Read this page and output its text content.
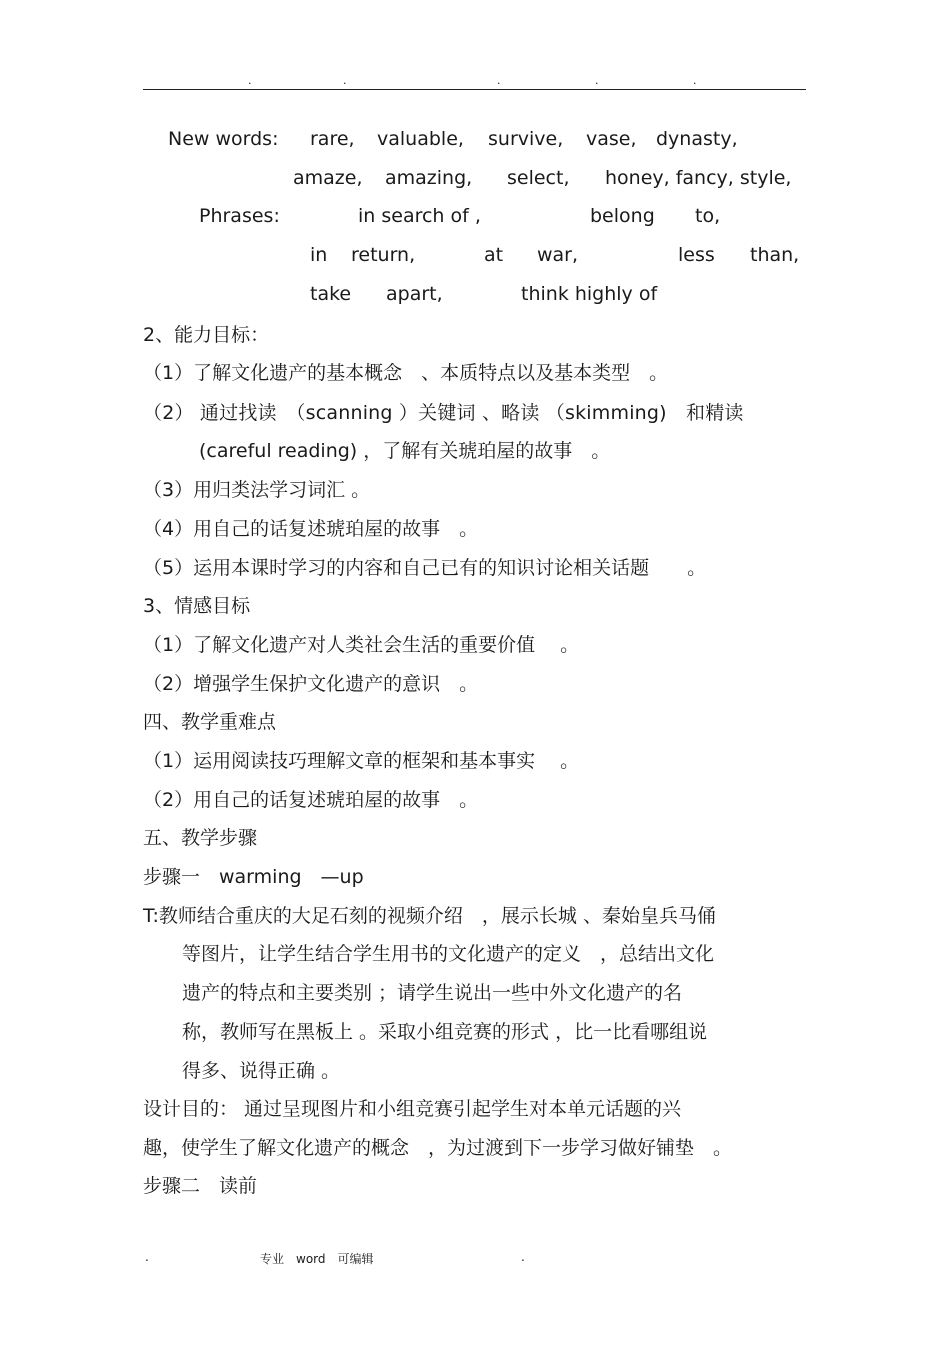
.	.	.	.	.
New words: rare, valuable, survive, vase, dynasty,
amaze, amazing, select, honey, fancy, style,
Phrases:	in search of ,	belong to,
in return,	at war,	less than,
take apart,	think highly of
2、能力目标：
（1）了解文化遗产的基本概念　、本质特点以及基本类型　。
（2） 通过找读　（scanning ）关键词 、略读 （skimming)　和精读
(careful reading) ，了解有关琥珀屋的故事　。
（3）用归类法学习词汇 。
（4）用自己的话复述琥珀屋的故事　。
（5）运用本课时学习的内容和自己已有的知识讨论相关话题　　。
3、情感目标
（1）了解文化遗产对人类社会生活的重要价值　 。
（2）增强学生保护文化遗产的意识　。
四、教学重难点
（1）运用阅读技巧理解文章的框架和基本事实　 。
（2）用自己的话复述琥珀屋的故事　。
五、教学步骤
步骤一　warming　—up
T:教师结合重庆的大足石刻的视频介绍　，展示长城 、秦始皇兵马俑
等图片，让学生结合学生用书的文化遗产的定义　，总结出文化
遗产的特点和主要类别 ；请学生说出一些中外文化遗产的名
称，教师写在黑板上 。采取小组竞赛的形式 ，比一比看哪组说
得多、说得正确 。
设计目的： 通过呈现图片和小组竞赛引起学生对本单元话题的兴
趣，使学生了解文化遗产的概念　，为过渡到下一步学习做好铺垫　。
步骤二　读前
.	专业　word　可编辑	.
